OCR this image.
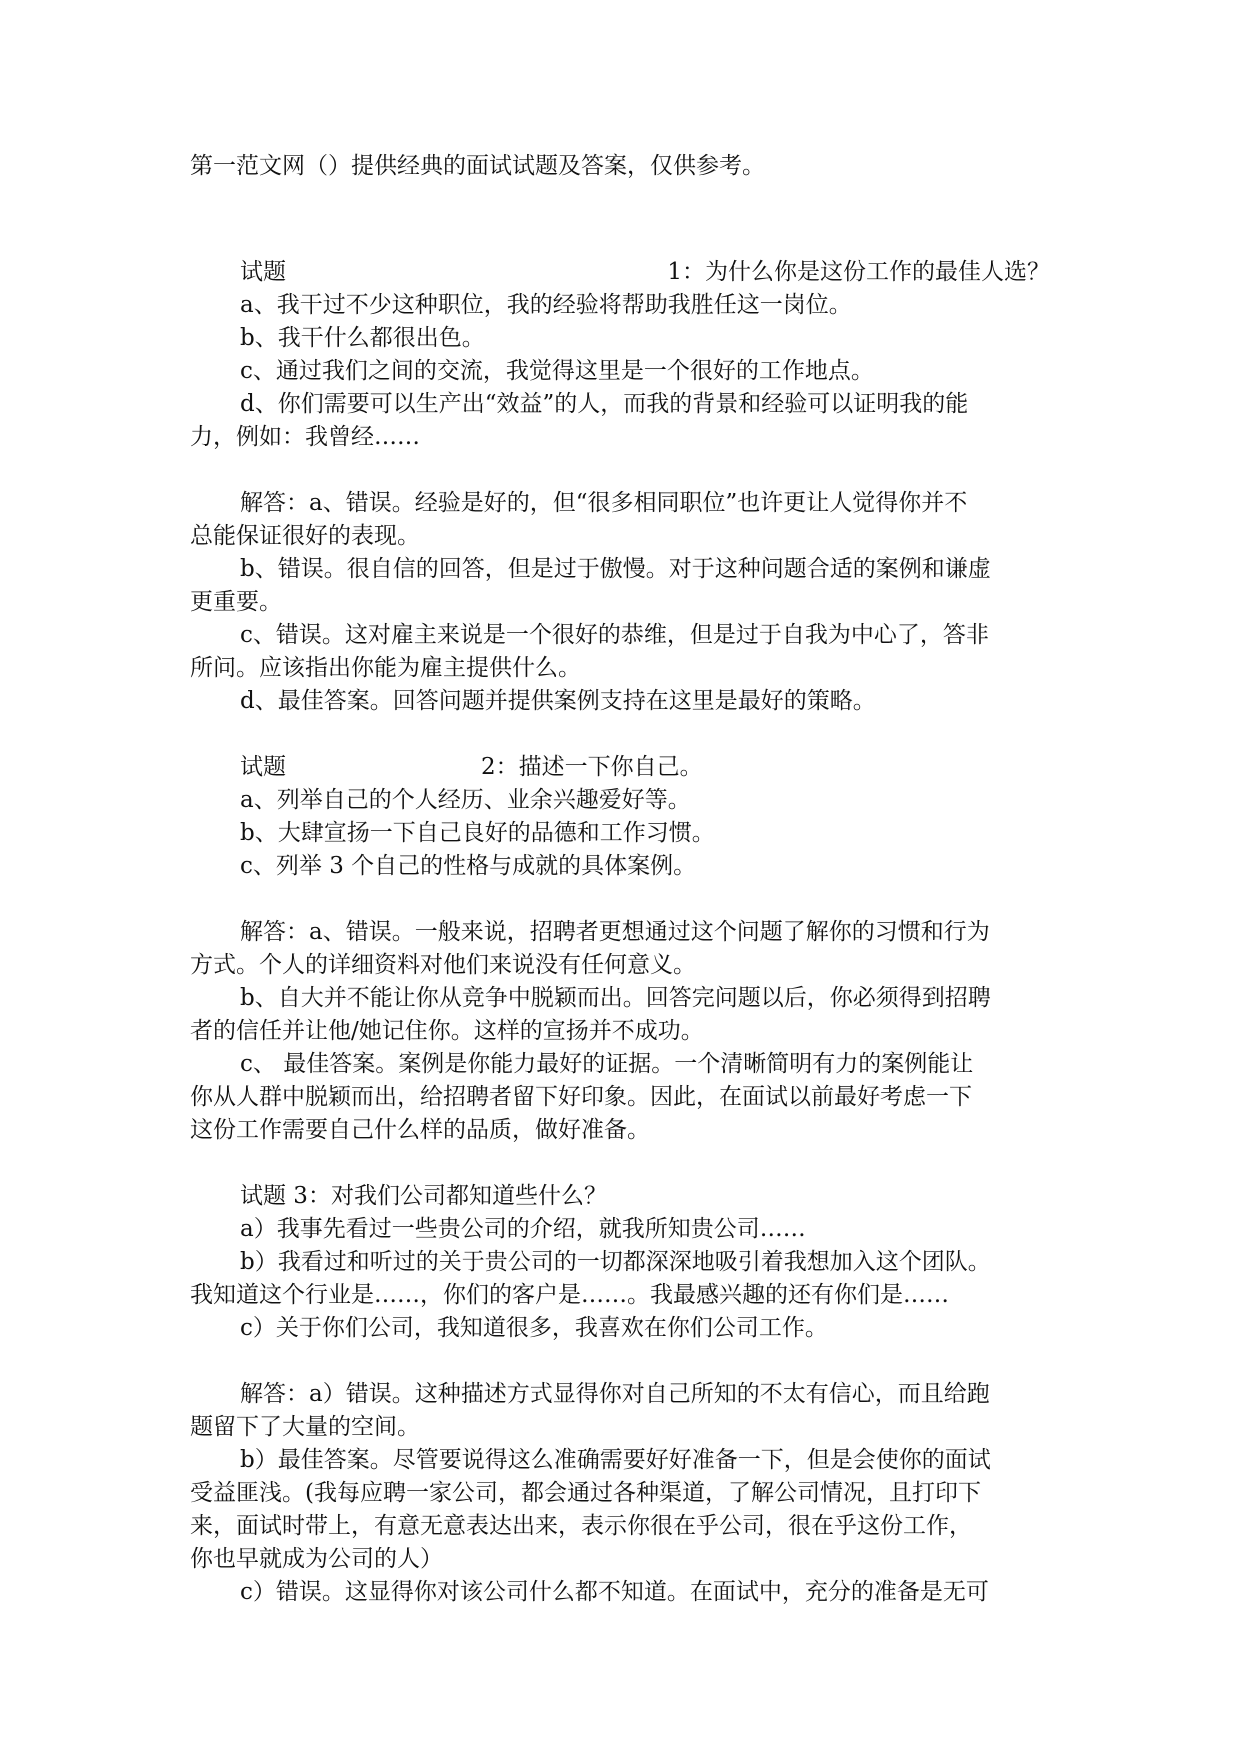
第一范文网（）提供经典的面试试题及答案，仅供参考。
试题	1：为什么你是这份工作的最佳人选？
a、我干过不少这种职位，我的经验将帮助我胜任这一岗位。
b、我干什么都很出色。
c、通过我们之间的交流，我觉得这里是一个很好的工作地点。
d、你们需要可以生产出“效益”的人，而我的背景和经验可以证明我的能
力，例如：我曾经……
解答：a、错误。经验是好的，但“很多相同职位”也许更让人觉得你并不
总能保证很好的表现。
b、错误。很自信的回答，但是过于傲慢。对于这种问题合适的案例和谦虚
更重要。
c、错误。这对雇主来说是一个很好的恭维，但是过于自我为中心了，答非
所问。应该指出你能为雇主提供什么。
d、最佳答案。回答问题并提供案例支持在这里是最好的策略。
试题	2：描述一下你自己。
a、列举自己的个人经历、业余兴趣爱好等。
b、大肆宣扬一下自己良好的品德和工作习惯。
c、列举 3 个自己的性格与成就的具体案例。
解答：a、错误。一般来说，招聘者更想通过这个问题了解你的习惯和行为
方式。个人的详细资料对他们来说没有任何意义。
b、自大并不能让你从竞争中脱颖而出。回答完问题以后，你必须得到招聘
者的信任并让他/她记住你。这样的宣扬并不成功。
c、 最佳答案。案例是你能力最好的证据。一个清晰简明有力的案例能让
你从人群中脱颖而出，给招聘者留下好印象。因此，在面试以前最好考虑一下
这份工作需要自己什么样的品质，做好准备。
试题 3：对我们公司都知道些什么？
a）我事先看过一些贵公司的介绍，就我所知贵公司……
b）我看过和听过的关于贵公司的一切都深深地吸引着我想加入这个团队。
我知道这个行业是……，你们的客户是……。我最感兴趣的还有你们是……
c）关于你们公司，我知道很多，我喜欢在你们公司工作。
解答：a）错误。这种描述方式显得你对自己所知的不太有信心，而且给跑
题留下了大量的空间。
b）最佳答案。尽管要说得这么准确需要好好准备一下，但是会使你的面试
受益匪浅。(我每应聘一家公司，都会通过各种渠道，了解公司情况，且打印下
来，面试时带上，有意无意表达出来，表示你很在乎公司，很在乎这份工作，
你也早就成为公司的人）
c）错误。这显得你对该公司什么都不知道。在面试中，充分的准备是无可
